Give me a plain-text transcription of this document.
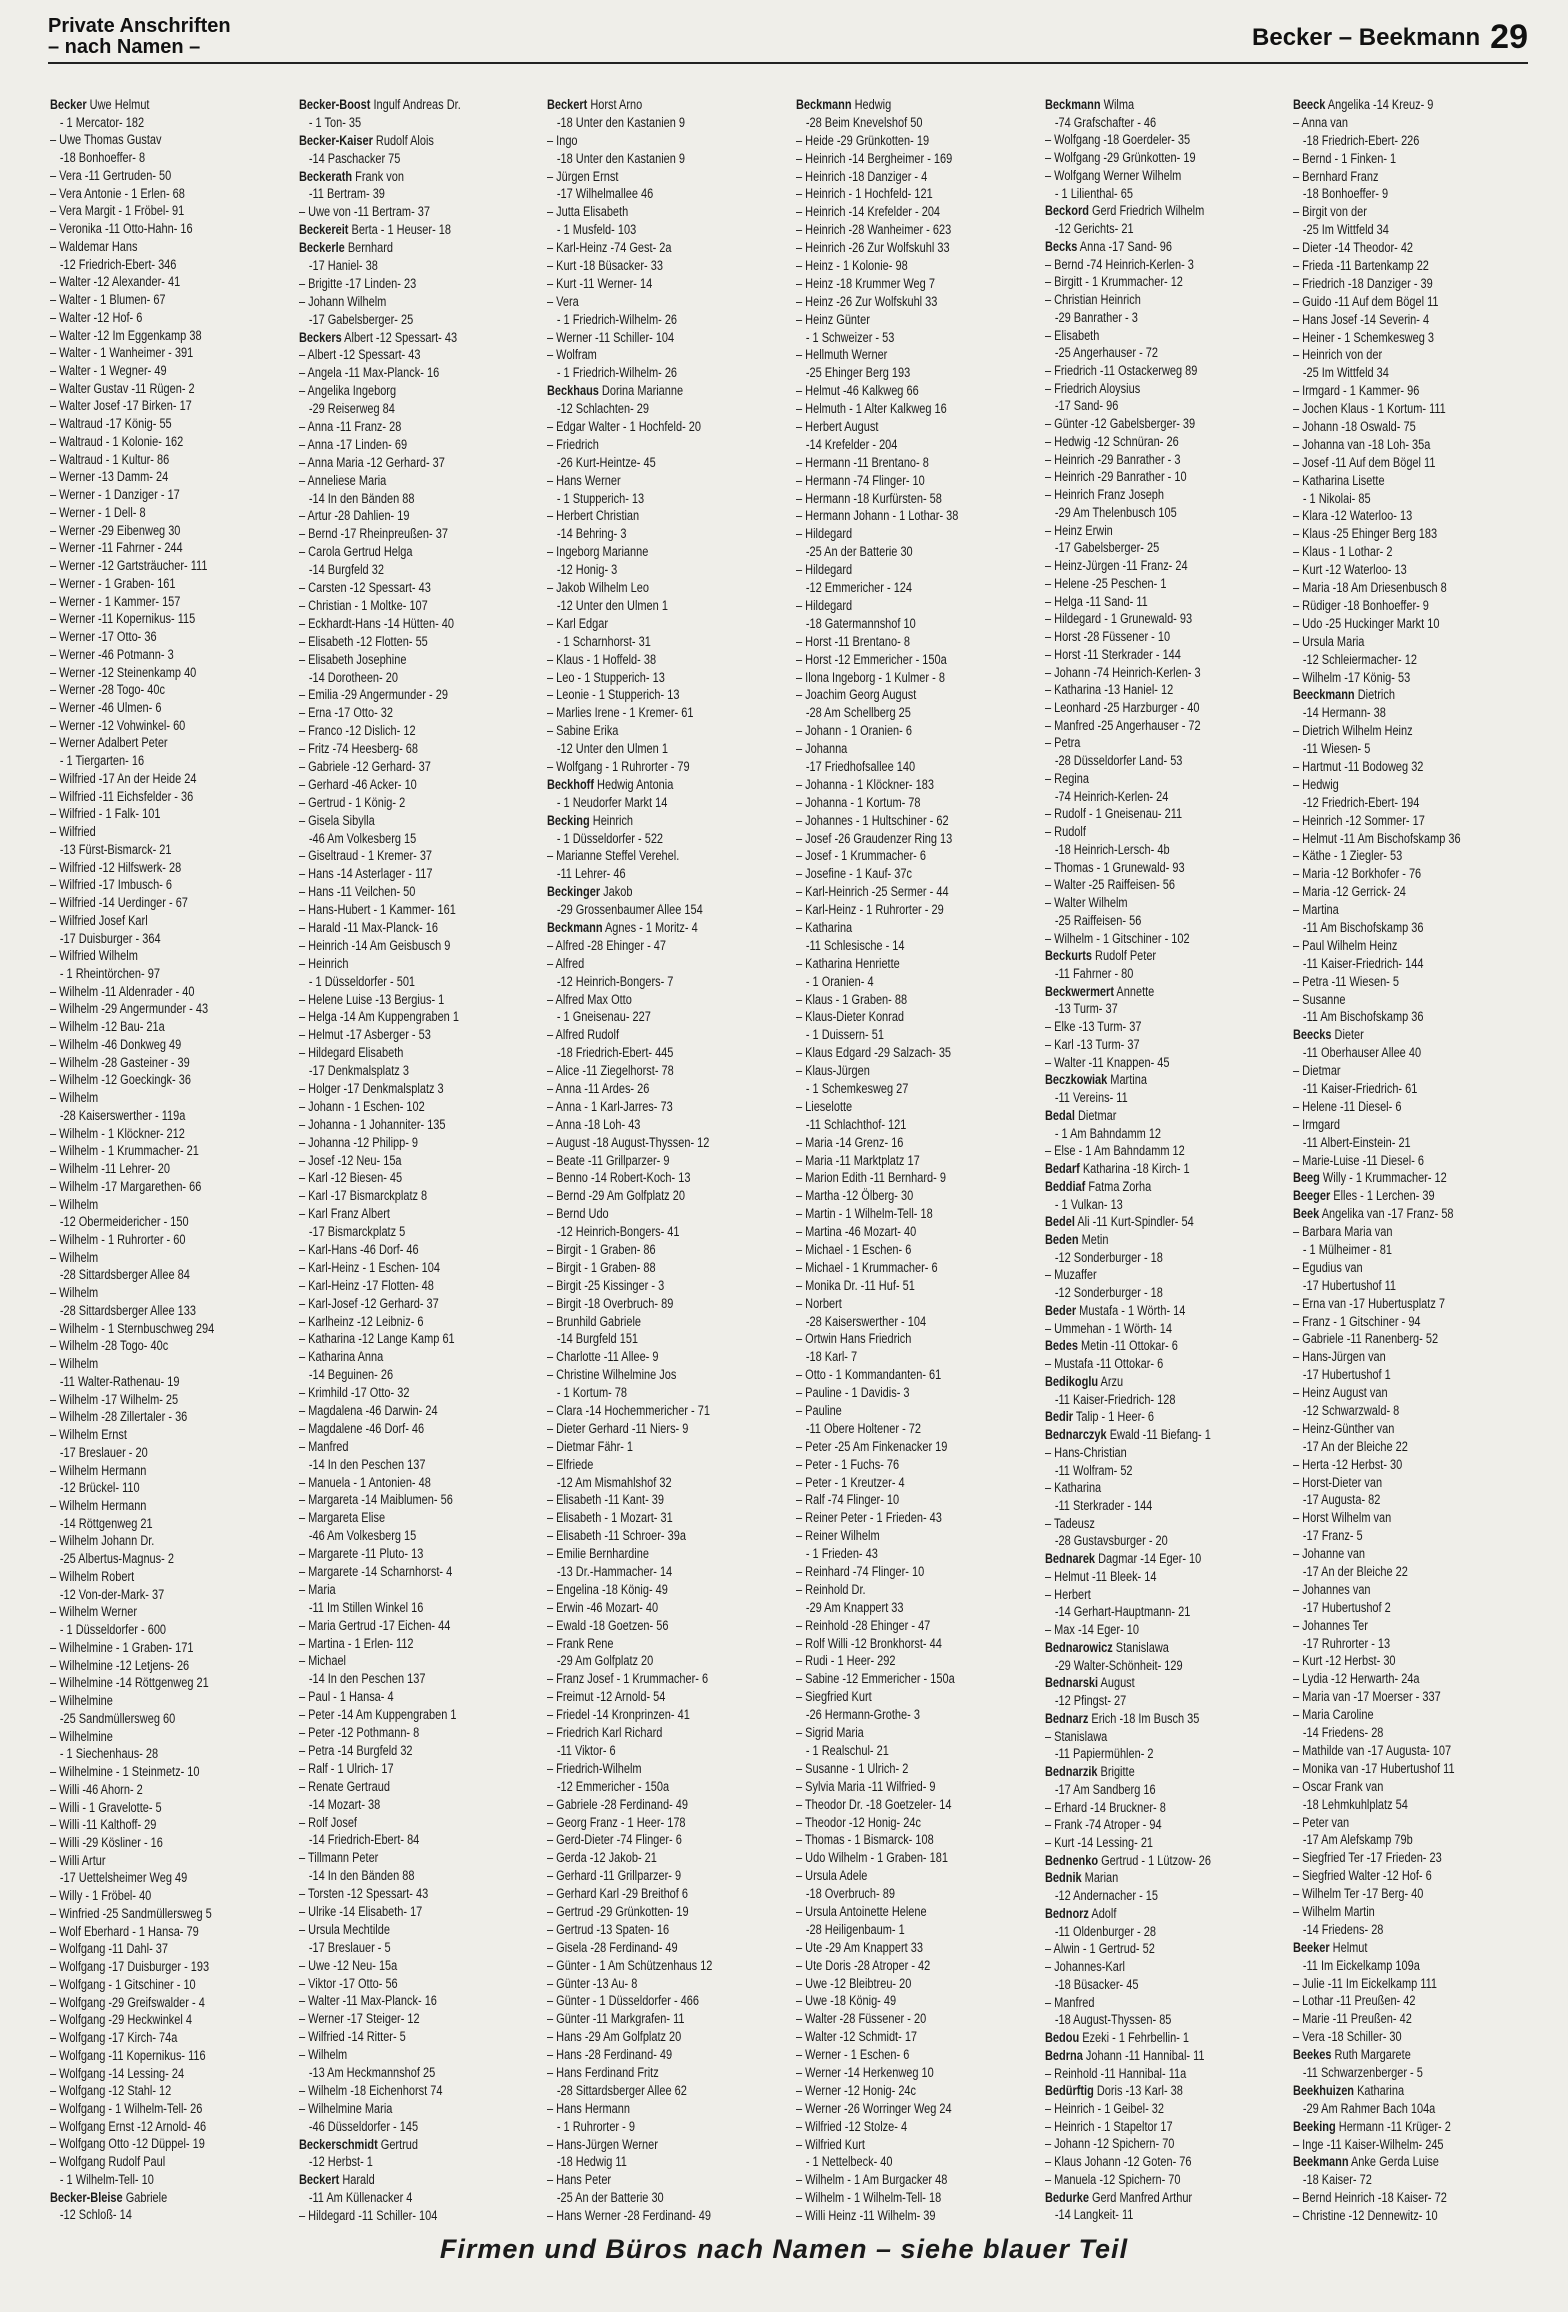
Private Anschriften
– nach Namen –	Becker – Beekmann 29
Becker Uwe Helmut
- 1 Mercator- 182
– Uwe Thomas Gustav
-18 Bonhoeffer- 8
– Vera -11 Gertruden- 50
– Vera Antonie - 1 Erlen- 68
– Vera Margit - 1 Fröbel- 91
– Veronika -11 Otto-Hahn- 16
– Waldemar Hans
-12 Friedrich-Ebert- 346
– Walter -12 Alexander- 41
– Walter - 1 Blumen- 67
– Walter -12 Hof- 6
– Walter -12 Im Eggenkamp 38
– Walter - 1 Wanheimer - 391
– Walter - 1 Wegner- 49
– Walter Gustav -11 Rügen- 2
– Walter Josef -17 Birken- 17
– Waltraud -17 König- 55
– Waltraud - 1 Kolonie- 162
– Waltraud - 1 Kultur- 86
– Werner -13 Damm- 24
– Werner - 1 Danziger - 17
– Werner - 1 Dell- 8
– Werner -29 Eibenweg 30
– Werner -11 Fahrner - 244
– Werner -12 Gartsträucher- 111
– Werner - 1 Graben- 161
– Werner - 1 Kammer- 157
– Werner -11 Kopernikus- 115
– Werner -17 Otto- 36
– Werner -46 Potmann- 3
– Werner -12 Steinenkamp 40
– Werner -28 Togo- 40c
– Werner -46 Ulmen- 6
– Werner -12 Vohwinkel- 60
– Werner Adalbert Peter
- 1 Tiergarten- 16
– Wilfried -17 An der Heide 24
– Wilfried -11 Eichsfelder - 36
– Wilfried - 1 Falk- 101
– Wilfried
-13 Fürst-Bismarck- 21
– Wilfried -12 Hilfswerk- 28
– Wilfried -17 Imbusch- 6
– Wilfried -14 Uerdinger - 67
– Wilfried Josef Karl
-17 Duisburger - 364
– Wilfried Wilhelm
- 1 Rheintörchen- 97
– Wilhelm -11 Aldenrader - 40
– Wilhelm -29 Angermunder - 43
– Wilhelm -12 Bau- 21a
– Wilhelm -46 Donkweg 49
– Wilhelm -28 Gasteiner - 39
– Wilhelm -12 Goeckingk- 36
– Wilhelm
-28 Kaiserswerther - 119a
– Wilhelm - 1 Klöckner- 212
– Wilhelm - 1 Krummacher- 21
– Wilhelm -11 Lehrer- 20
– Wilhelm -17 Margarethen- 66
– Wilhelm
-12 Obermeidericher - 150
– Wilhelm - 1 Ruhrorter - 60
– Wilhelm
-28 Sittardsberger Allee 84
– Wilhelm
-28 Sittardsberger Allee 133
– Wilhelm - 1 Sternbuschweg 294
– Wilhelm -28 Togo- 40c
– Wilhelm
-11 Walter-Rathenau- 19
– Wilhelm -17 Wilhelm- 25
– Wilhelm -28 Zillertaler - 36
– Wilhelm Ernst
-17 Breslauer - 20
– Wilhelm Hermann
-12 Brückel- 110
– Wilhelm Hermann
-14 Röttgenweg 21
– Wilhelm Johann Dr.
-25 Albertus-Magnus- 2
– Wilhelm Robert
-12 Von-der-Mark- 37
– Wilhelm Werner
- 1 Düsseldorfer - 600
– Wilhelmine - 1 Graben- 171
– Wilhelmine -12 Letjens- 26
– Wilhelmine -14 Röttgenweg 21
– Wilhelmine
-25 Sandmüllersweg 60
– Wilhelmine
- 1 Siechenhaus- 28
– Wilhelmine - 1 Steinmetz- 10
– Willi -46 Ahorn- 2
– Willi - 1 Gravelotte- 5
– Willi -11 Kalthoff- 29
– Willi -29 Kösliner - 16
– Willi Artur
-17 Uettelsheimer Weg 49
– Willy - 1 Fröbel- 40
– Winfried -25 Sandmüllersweg 5
– Wolf Eberhard - 1 Hansa- 79
– Wolfgang -11 Dahl- 37
– Wolfgang -17 Duisburger - 193
– Wolfgang - 1 Gitschiner - 10
– Wolfgang -29 Greifswalder - 4
– Wolfgang -29 Heckwinkel 4
– Wolfgang -17 Kirch- 74a
– Wolfgang -11 Kopernikus- 116
– Wolfgang -14 Lessing- 24
– Wolfgang -12 Stahl- 12
– Wolfgang - 1 Wilhelm-Tell- 26
– Wolfgang Ernst -12 Arnold- 46
– Wolfgang Otto -12 Düppel- 19
– Wolfgang Rudolf Paul
- 1 Wilhelm-Tell- 10
Becker-Bleise Gabriele
-12 Schloß- 14
Becker-Boost Ingulf Andreas Dr.
- 1 Ton- 35
Becker-Kaiser Rudolf Alois
-14 Paschacker 75
Beckerath Frank von
-11 Bertram- 39
– Uwe von -11 Bertram- 37
Beckereit Berta - 1 Heuser- 18
Beckerle Bernhard
-17 Haniel- 38
– Brigitte -17 Linden- 23
– Johann Wilhelm
-17 Gabelsberger- 25
Beckers Albert -12 Spessart- 43
– Albert -12 Spessart- 43
– Angela -11 Max-Planck- 16
– Angelika Ingeborg
-29 Reiserweg 84
– Anna -11 Franz- 28
– Anna -17 Linden- 69
– Anna Maria -12 Gerhard- 37
– Anneliese Maria
-14 In den Bänden 88
– Artur -28 Dahlien- 19
– Bernd -17 Rheinpreußen- 37
– Carola Gertrud Helga
-14 Burgfeld 32
– Carsten -12 Spessart- 43
– Christian - 1 Moltke- 107
– Eckhardt-Hans -14 Hütten- 40
– Elisabeth -12 Flotten- 55
– Elisabeth Josephine
-14 Dorotheen- 20
– Emilia -29 Angermunder - 29
– Erna -17 Otto- 32
– Franco -12 Dislich- 12
– Fritz -74 Heesberg- 68
– Gabriele -12 Gerhard- 37
– Gerhard -46 Acker- 10
– Gertrud - 1 König- 2
– Gisela Sibylla
-46 Am Volkesberg 15
– Giseltraud - 1 Kremer- 37
– Hans -14 Asterlager - 117
– Hans -11 Veilchen- 50
– Hans-Hubert - 1 Kammer- 161
– Harald -11 Max-Planck- 16
– Heinrich -14 Am Geisbusch 9
– Heinrich
- 1 Düsseldorfer - 501
– Helene Luise -13 Bergius- 1
– Helga -14 Am Kuppengraben 1
– Helmut -17 Asberger - 53
– Hildegard Elisabeth
-17 Denkmalsplatz 3
– Holger -17 Denkmalsplatz 3
– Johann - 1 Eschen- 102
– Johanna - 1 Johanniter- 135
– Johanna -12 Philipp- 9
– Josef -12 Neu- 15a
– Karl -12 Biesen- 45
– Karl -17 Bismarckplatz 8
– Karl Franz Albert
-17 Bismarckplatz 5
– Karl-Hans -46 Dorf- 46
– Karl-Heinz - 1 Eschen- 104
– Karl-Heinz -17 Flotten- 48
– Karl-Josef -12 Gerhard- 37
– Karlheinz -12 Leibniz- 6
– Katharina -12 Lange Kamp 61
– Katharina Anna
-14 Beguinen- 26
– Krimhild -17 Otto- 32
– Magdalena -46 Darwin- 24
– Magdalene -46 Dorf- 46
– Manfred
-14 In den Peschen 137
– Manuela - 1 Antonien- 48
– Margareta -14 Maiblumen- 56
– Margareta Elise
-46 Am Volkesberg 15
– Margarete -11 Pluto- 13
– Margarete -14 Scharnhorst- 4
– Maria
-11 Im Stillen Winkel 16
– Maria Gertrud -17 Eichen- 44
– Martina - 1 Erlen- 112
– Michael
-14 In den Peschen 137
– Paul - 1 Hansa- 4
– Peter -14 Am Kuppengraben 1
– Peter -12 Pothmann- 8
– Petra -14 Burgfeld 32
– Ralf - 1 Ulrich- 17
– Renate Gertraud
-14 Mozart- 38
– Rolf Josef
-14 Friedrich-Ebert- 84
– Tillmann Peter
-14 In den Bänden 88
– Torsten -12 Spessart- 43
– Ulrike -14 Elisabeth- 17
– Ursula Mechtilde
-17 Breslauer - 5
– Uwe -12 Neu- 15a
– Viktor -17 Otto- 56
– Walter -11 Max-Planck- 16
– Werner -17 Steiger- 12
– Wilfried -14 Ritter- 5
– Wilhelm
-13 Am Heckmannshof 25
– Wilhelm -18 Eichenhorst 74
– Wilhelmine Maria
-46 Düsseldorfer - 145
Beckerschmidt Gertrud
-12 Herbst- 1
Beckert Harald
-11 Am Küllenacker 4
– Hildegard -11 Schiller- 104
Beckert Horst Arno
-18 Unter den Kastanien 9
– Ingo
-18 Unter den Kastanien 9
– Jürgen Ernst
-17 Wilhelmallee 46
– Jutta Elisabeth
- 1 Musfeld- 103
– Karl-Heinz -74 Gest- 2a
– Kurt -18 Büsacker- 33
– Kurt -11 Werner- 14
– Vera
- 1 Friedrich-Wilhelm- 26
– Werner -11 Schiller- 104
– Wolfram
- 1 Friedrich-Wilhelm- 26
Beckhaus Dorina Marianne
-12 Schlachten- 29
– Edgar Walter - 1 Hochfeld- 20
– Friedrich
-26 Kurt-Heintze- 45
– Hans Werner
- 1 Stupperich- 13
– Herbert Christian
-14 Behring- 3
– Ingeborg Marianne
-12 Honig- 3
– Jakob Wilhelm Leo
-12 Unter den Ulmen 1
– Karl Edgar
- 1 Scharnhorst- 31
– Klaus - 1 Hoffeld- 38
– Leo - 1 Stupperich- 13
– Leonie - 1 Stupperich- 13
– Marlies Irene - 1 Kremer- 61
– Sabine Erika
-12 Unter den Ulmen 1
– Wolfgang - 1 Ruhrorter - 79
Beckhoff Hedwig Antonia
- 1 Neudorfer Markt 14
Becking Heinrich
- 1 Düsseldorfer - 522
– Marianne Steffel Verehel.
-11 Lehrer- 46
Beckinger Jakob
-29 Grossenbaumer Allee 154
Beckmann Agnes - 1 Moritz- 4
– Alfred -28 Ehinger - 47
– Alfred
-12 Heinrich-Bongers- 7
– Alfred Max Otto
- 1 Gneisenau- 227
– Alfred Rudolf
-18 Friedrich-Ebert- 445
– Alice -11 Ziegelhorst- 78
– Anna -11 Ardes- 26
– Anna - 1 Karl-Jarres- 73
– Anna -18 Loh- 43
– August -18 August-Thyssen- 12
– Beate -11 Grillparzer- 9
– Benno -14 Robert-Koch- 13
– Bernd -29 Am Golfplatz 20
– Bernd Udo
-12 Heinrich-Bongers- 41
– Birgit - 1 Graben- 86
– Birgit - 1 Graben- 88
– Birgit -25 Kissinger - 3
– Birgit -18 Overbruch- 89
– Brunhild Gabriele
-14 Burgfeld 151
– Charlotte -11 Allee- 9
– Christine Wilhelmine Jos
- 1 Kortum- 78
– Clara -14 Hochemmericher - 71
– Dieter Gerhard -11 Niers- 9
– Dietmar Fähr- 1
– Elfriede
-12 Am Mismahlshof 32
– Elisabeth -11 Kant- 39
– Elisabeth - 1 Mozart- 31
– Elisabeth -11 Schroer- 39a
– Emilie Bernhardine
-13 Dr.-Hammacher- 14
– Engelina -18 König- 49
– Erwin -46 Mozart- 40
– Ewald -18 Goetzen- 56
– Frank Rene
-29 Am Golfplatz 20
– Franz Josef - 1 Krummacher- 6
– Freimut -12 Arnold- 54
– Friedel -14 Kronprinzen- 41
– Friedrich Karl Richard
-11 Viktor- 6
– Friedrich-Wilhelm
-12 Emmericher - 150a
– Gabriele -28 Ferdinand- 49
– Georg Franz - 1 Heer- 178
– Gerd-Dieter -74 Flinger- 6
– Gerda -12 Jakob- 21
– Gerhard -11 Grillparzer- 9
– Gerhard Karl -29 Breithof 6
– Gertrud -29 Grünkotten- 19
– Gertrud -13 Spaten- 16
– Gisela -28 Ferdinand- 49
– Günter - 1 Am Schützenhaus 12
– Günter -13 Au- 8
– Günter - 1 Düsseldorfer - 466
– Günter -11 Markgrafen- 11
– Hans -29 Am Golfplatz 20
– Hans -28 Ferdinand- 49
– Hans Ferdinand Fritz
-28 Sittardsberger Allee 62
– Hans Hermann
- 1 Ruhrorter - 9
– Hans-Jürgen Werner
-18 Hedwig 11
– Hans Peter
-25 An der Batterie 30
– Hans Werner -28 Ferdinand- 49
Beckmann Hedwig
-28 Beim Knevelshof 50
– Heide -29 Grünkotten- 19
– Heinrich -14 Bergheimer - 169
– Heinrich -18 Danziger - 4
– Heinrich - 1 Hochfeld- 121
– Heinrich -14 Krefelder - 204
– Heinrich -28 Wanheimer - 623
– Heinrich -26 Zur Wolfskuhl 33
– Heinz - 1 Kolonie- 98
– Heinz -18 Krummer Weg 7
– Heinz -26 Zur Wolfskuhl 33
– Heinz Günter
- 1 Schweizer - 53
– Hellmuth Werner
-25 Ehinger Berg 193
– Helmut -46 Kalkweg 66
– Helmuth - 1 Alter Kalkweg 16
– Herbert August
-14 Krefelder - 204
– Hermann -11 Brentano- 8
– Hermann -74 Flinger- 10
– Hermann -18 Kurfürsten- 58
– Hermann Johann - 1 Lothar- 38
– Hildegard
-25 An der Batterie 30
– Hildegard
-12 Emmericher - 124
– Hildegard
-18 Gatermannshof 10
– Horst -11 Brentano- 8
– Horst -12 Emmericher - 150a
– Ilona Ingeborg - 1 Kulmer - 8
– Joachim Georg August
-28 Am Schellberg 25
– Johann - 1 Oranien- 6
– Johanna
-17 Friedhofsallee 140
– Johanna - 1 Klöckner- 183
– Johanna - 1 Kortum- 78
– Johannes - 1 Hultschiner - 62
– Josef -26 Graudenzer Ring 13
– Josef - 1 Krummacher- 6
– Josefine - 1 Kauf- 37c
– Karl-Heinrich -25 Sermer - 44
– Karl-Heinz - 1 Ruhrorter - 29
– Katharina
-11 Schlesische - 14
– Katharina Henriette
- 1 Oranien- 4
– Klaus - 1 Graben- 88
– Klaus-Dieter Konrad
- 1 Duissern- 51
– Klaus Edgard -29 Salzach- 35
– Klaus-Jürgen
- 1 Schemkesweg 27
– Lieselotte
-11 Schlachthof- 121
– Maria -14 Grenz- 16
– Maria -11 Marktplatz 17
– Marion Edith -11 Bernhard- 9
– Martha -12 Ölberg- 30
– Martin - 1 Wilhelm-Tell- 18
– Martina -46 Mozart- 40
– Michael - 1 Eschen- 6
– Michael - 1 Krummacher- 6
– Monika Dr. -11 Huf- 51
– Norbert
-28 Kaiserswerther - 104
– Ortwin Hans Friedrich
-18 Karl- 7
– Otto - 1 Kommandanten- 61
– Pauline - 1 Davidis- 3
– Pauline
-11 Obere Holtener - 72
– Peter -25 Am Finkenacker 19
– Peter - 1 Fuchs- 76
– Peter - 1 Kreutzer- 4
– Ralf -74 Flinger- 10
– Reiner Peter - 1 Frieden- 43
– Reiner Wilhelm
- 1 Frieden- 43
– Reinhard -74 Flinger- 10
– Reinhold Dr.
-29 Am Knappert 33
– Reinhold -28 Ehinger - 47
– Rolf Willi -12 Bronkhorst- 44
– Rudi - 1 Heer- 292
– Sabine -12 Emmericher - 150a
– Siegfried Kurt
-26 Hermann-Grothe- 3
– Sigrid Maria
- 1 Realschul- 21
– Susanne - 1 Ulrich- 2
– Sylvia Maria -11 Wilfried- 9
– Theodor Dr. -18 Goetzeler- 14
– Theodor -12 Honig- 24c
– Thomas - 1 Bismarck- 108
– Udo Wilhelm - 1 Graben- 181
– Ursula Adele
-18 Overbruch- 89
– Ursula Antoinette Helene
-28 Heiligenbaum- 1
– Ute -29 Am Knappert 33
– Ute Doris -28 Atroper - 42
– Uwe -12 Bleibtreu- 20
– Uwe -18 König- 49
– Walter -28 Füssener - 20
– Walter -12 Schmidt- 17
– Werner - 1 Eschen- 6
– Werner -14 Herkenweg 10
– Werner -12 Honig- 24c
– Werner -26 Worringer Weg 24
– Wilfried -12 Stolze- 4
– Wilfried Kurt
- 1 Nettelbeck- 40
– Wilhelm - 1 Am Burgacker 48
– Wilhelm - 1 Wilhelm-Tell- 18
– Willi Heinz -11 Wilhelm- 39
Beckmann Wilma
-74 Grafschafter - 46
– Wolfgang -18 Goerdeler- 35
– Wolfgang -29 Grünkotten- 19
– Wolfgang Werner Wilhelm
- 1 Lilienthal- 65
Beckord Gerd Friedrich Wilhelm
-12 Gerichts- 21
Becks Anna -17 Sand- 96
– Bernd -74 Heinrich-Kerlen- 3
– Birgitt - 1 Krummacher- 12
– Christian Heinrich
-29 Banrather - 3
– Elisabeth
-25 Angerhauser - 72
– Friedrich -11 Ostackerweg 89
– Friedrich Aloysius
-17 Sand- 96
– Günter -12 Gabelsberger- 39
– Hedwig -12 Schnüran- 26
– Heinrich -29 Banrather - 3
– Heinrich -29 Banrather - 10
– Heinrich Franz Joseph
-29 Am Thelenbusch 105
– Heinz Erwin
-17 Gabelsberger- 25
– Heinz-Jürgen -11 Franz- 24
– Helene -25 Peschen- 1
– Helga -11 Sand- 11
– Hildegard - 1 Grunewald- 93
– Horst -28 Füssener - 10
– Horst -11 Sterkrader - 144
– Johann -74 Heinrich-Kerlen- 3
– Katharina -13 Haniel- 12
– Leonhard -25 Harzburger - 40
– Manfred -25 Angerhauser - 72
– Petra
-28 Düsseldorfer Land- 53
– Regina
-74 Heinrich-Kerlen- 24
– Rudolf - 1 Gneisenau- 211
– Rudolf
-18 Heinrich-Lersch- 4b
– Thomas - 1 Grunewald- 93
– Walter -25 Raiffeisen- 56
– Walter Wilhelm
-25 Raiffeisen- 56
– Wilhelm - 1 Gitschiner - 102
Beckurts Rudolf Peter
-11 Fahrner - 80
Beckwermert Annette
-13 Turm- 37
– Elke -13 Turm- 37
– Karl -13 Turm- 37
– Walter -11 Knappen- 45
Beczkowiak Martina
-11 Vereins- 11
Bedal Dietmar
- 1 Am Bahndamm 12
– Else - 1 Am Bahndamm 12
Bedarf Katharina -18 Kirch- 1
Beddiaf Fatma Zorha
- 1 Vulkan- 13
Bedel Ali -11 Kurt-Spindler- 54
Beden Metin
-12 Sonderburger - 18
– Muzaffer
-12 Sonderburger - 18
Beder Mustafa - 1 Wörth- 14
– Ummehan - 1 Wörth- 14
Bedes Metin -11 Ottokar- 6
– Mustafa -11 Ottokar- 6
Bedikoglu Arzu
-11 Kaiser-Friedrich- 128
Bedir Talip - 1 Heer- 6
Bednarczyk Ewald -11 Biefang- 1
– Hans-Christian
-11 Wolfram- 52
– Katharina
-11 Sterkrader - 144
– Tadeusz
-28 Gustavsburger - 20
Bednarek Dagmar -14 Eger- 10
– Helmut -11 Bleek- 14
– Herbert
-14 Gerhart-Hauptmann- 21
– Max -14 Eger- 10
Bednarowicz Stanislawa
-29 Walter-Schönheit- 129
Bednarski August
-12 Pfingst- 27
Bednarz Erich -18 Im Busch 35
– Stanislawa
-11 Papiermühlen- 2
Bednarzik Brigitte
-17 Am Sandberg 16
– Erhard -14 Bruckner- 8
– Frank -74 Atroper - 94
– Kurt -14 Lessing- 21
Bednenko Gertrud - 1 Lützow- 26
Bednik Marian
-12 Andernacher - 15
Bednorz Adolf
-11 Oldenburger - 28
– Alwin - 1 Gertrud- 52
– Johannes-Karl
-18 Büsacker- 45
– Manfred
-18 August-Thyssen- 85
Bedou Ezeki - 1 Fehrbellin- 1
Bedrna Johann -11 Hannibal- 11
– Reinhold -11 Hannibal- 11a
Bedürftig Doris -13 Karl- 38
– Heinrich - 1 Geibel- 32
– Heinrich - 1 Stapeltor 17
– Johann -12 Spichern- 70
– Klaus Johann -12 Goten- 76
– Manuela -12 Spichern- 70
Bedurke Gerd Manfred Arthur
-14 Langkeit- 11
Beeck Angelika -14 Kreuz- 9
– Anna van
-18 Friedrich-Ebert- 226
– Bernd - 1 Finken- 1
– Bernhard Franz
-18 Bonhoeffer- 9
– Birgit von der
-25 Im Wittfeld 34
– Dieter -14 Theodor- 42
– Frieda -11 Bartenkamp 22
– Friedrich -18 Danziger - 39
– Guido -11 Auf dem Bögel 11
– Hans Josef -14 Severin- 4
– Heiner - 1 Schemkesweg 3
– Heinrich von der
-25 Im Wittfeld 34
– Irmgard - 1 Kammer- 96
– Jochen Klaus - 1 Kortum- 111
– Johann -18 Oswald- 75
– Johanna van -18 Loh- 35a
– Josef -11 Auf dem Bögel 11
– Katharina Lisette
- 1 Nikolai- 85
– Klara -12 Waterloo- 13
– Klaus -25 Ehinger Berg 183
– Klaus - 1 Lothar- 2
– Kurt -12 Waterloo- 13
– Maria -18 Am Driesenbusch 8
– Rüdiger -18 Bonhoeffer- 9
– Udo -25 Huckinger Markt 10
– Ursula Maria
-12 Schleiermacher- 12
– Wilhelm -17 König- 53
Beeckmann Dietrich
-14 Hermann- 38
– Dietrich Wilhelm Heinz
-11 Wiesen- 5
– Hartmut -11 Bodoweg 32
– Hedwig
-12 Friedrich-Ebert- 194
– Heinrich -12 Sommer- 17
– Helmut -11 Am Bischofskamp 36
– Käthe - 1 Ziegler- 53
– Maria -12 Borkhofer - 76
– Maria -12 Gerrick- 24
– Martina
-11 Am Bischofskamp 36
– Paul Wilhelm Heinz
-11 Kaiser-Friedrich- 144
– Petra -11 Wiesen- 5
– Susanne
-11 Am Bischofskamp 36
Beecks Dieter
-11 Oberhauser Allee 40
– Dietmar
-11 Kaiser-Friedrich- 61
– Helene -11 Diesel- 6
– Irmgard
-11 Albert-Einstein- 21
– Marie-Luise -11 Diesel- 6
Beeg Willy - 1 Krummacher- 12
Beeger Elles - 1 Lerchen- 39
Beek Angelika van -17 Franz- 58
– Barbara Maria van
- 1 Mülheimer - 81
– Egudius van
-17 Hubertushof 11
– Erna van -17 Hubertusplatz 7
– Franz - 1 Gitschiner - 94
– Gabriele -11 Ranenberg- 52
– Hans-Jürgen van
-17 Hubertushof 1
– Heinz August van
-12 Schwarzwald- 8
– Heinz-Günther van
-17 An der Bleiche 22
– Herta -12 Herbst- 30
– Horst-Dieter van
-17 Augusta- 82
– Horst Wilhelm van
-17 Franz- 5
– Johanne van
-17 An der Bleiche 22
– Johannes van
-17 Hubertushof 2
– Johannes Ter
-17 Ruhrorter - 13
– Kurt -12 Herbst- 30
– Lydia -12 Herwarth- 24a
– Maria van -17 Moerser - 337
– Maria Caroline
-14 Friedens- 28
– Mathilde van -17 Augusta- 107
– Monika van -17 Hubertushof 11
– Oscar Frank van
-18 Lehmkuhlplatz 54
– Peter van
-17 Am Alefskamp 79b
– Siegfried Ter -17 Frieden- 23
– Siegfried Walter -12 Hof- 6
– Wilhelm Ter -17 Berg- 40
– Wilhelm Martin
-14 Friedens- 28
Beeker Helmut
-11 Im Eickelkamp 109a
– Julie -11 Im Eickelkamp 111
– Lothar -11 Preußen- 42
– Marie -11 Preußen- 42
– Vera -18 Schiller- 30
Beekes Ruth Margarete
-11 Schwarzenberger - 5
Beekhuizen Katharina
-29 Am Rahmer Bach 104a
Beeking Hermann -11 Krüger- 2
– Inge -11 Kaiser-Wilhelm- 245
Beekmann Anke Gerda Luise
-18 Kaiser- 72
– Bernd Heinrich -18 Kaiser- 72
– Christine -12 Dennewitz- 10
Firmen und Büros nach Namen – siehe blauer Teil
